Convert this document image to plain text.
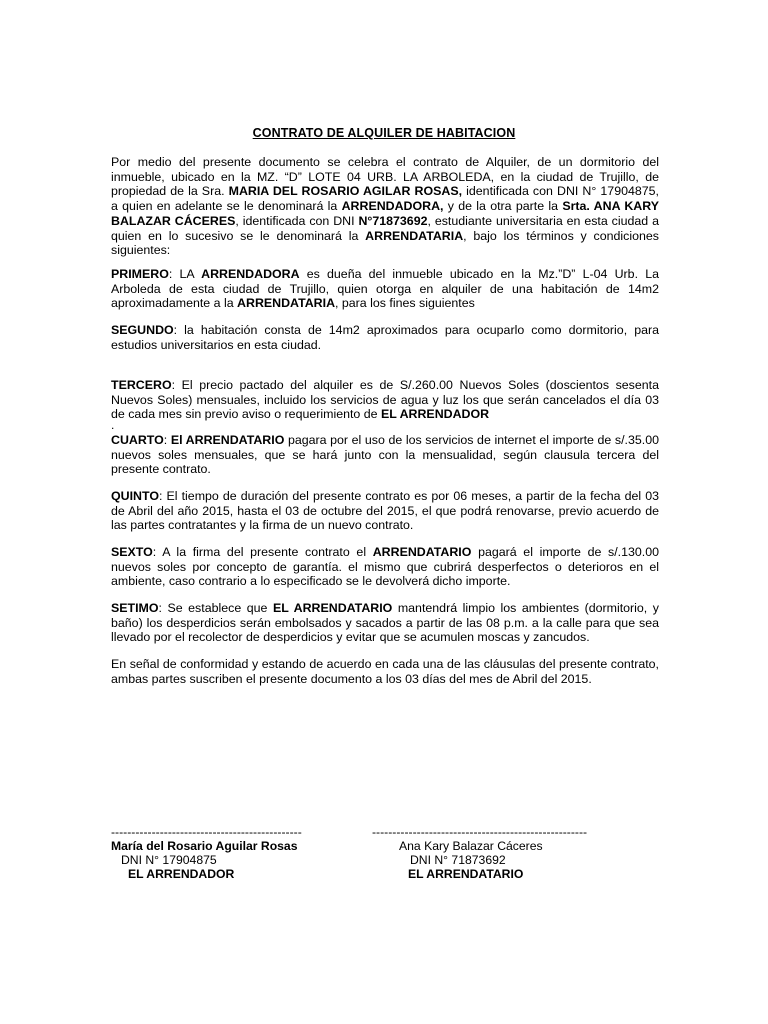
CONTRATO DE ALQUILER DE HABITACION

Por medio del presente documento se celebra el contrato de Alquiler, de un dormitorio del inmueble, ubicado en la MZ. “D” LOTE 04 URB. LA ARBOLEDA, en la ciudad de Trujillo, de propiedad de la Sra. MARIA DEL ROSARIO AGILAR ROSAS, identificada con DNI N° 17904875, a quien en adelante se le denominará la ARRENDADORA, y de la otra parte la Srta. ANA KARY BALAZAR CÁCERES, identificada con DNI N°71873692, estudiante universitaria en esta ciudad a quien en lo sucesivo se le denominará la ARRENDATARIA, bajo los términos y condiciones siguientes:

PRIMERO: LA ARRENDADORA es dueña del inmueble ubicado en la Mz.”D” L-04 Urb. La Arboleda de esta ciudad de Trujillo, quien otorga en alquiler de una habitación de 14m2 aproximadamente a la ARRENDATARIA, para los fines siguientes

SEGUNDO: la habitación consta de 14m2 aproximados para ocuparlo como dormitorio, para estudios universitarios en esta ciudad.

TERCERO: El precio pactado del alquiler es de S/.260.00 Nuevos Soles (doscientos sesenta Nuevos Soles) mensuales, incluido los servicios de agua y luz los que serán cancelados el día 03 de cada mes sin previo aviso o requerimiento de EL ARRENDADOR

.

CUARTO: El ARRENDATARIO pagara por el uso de los servicios de internet el importe de s/.35.00 nuevos soles mensuales, que se hará junto con la mensualidad, según clausula tercera del presente contrato.

QUINTO: El tiempo de duración del presente contrato es por 06 meses, a partir de la fecha del 03 de Abril del año 2015, hasta el 03 de octubre del 2015, el que podrá renovarse, previo acuerdo de las partes contratantes y la firma de un nuevo contrato.

SEXTO: A la firma del presente contrato el ARRENDATARIO pagará el importe de s/.130.00 nuevos soles por concepto de garantía. el mismo que cubrirá desperfectos o deterioros en el ambiente, caso contrario a lo especificado se le devolverá dicho importe.

SETIMO: Se establece que EL ARRENDATARIO mantendrá limpio los ambientes (dormitorio, y baño) los desperdicios serán embolsados y sacados a partir de las 08 p.m. a la calle para que sea llevado por el recolector de desperdicios y evitar que se acumulen moscas y zancudos.

En señal de conformidad y estando de acuerdo en cada una de las cláusulas del presente contrato, ambas partes suscriben el presente documento a los 03 días del mes de Abril del 2015.

-----------------------------------------------
María del Rosario Aguilar Rosas
DNI N° 17904875
EL ARRENDADOR
-----------------------------------------------------
Ana Kary Balazar Cáceres
DNI N° 71873692
EL ARRENDATARIO
